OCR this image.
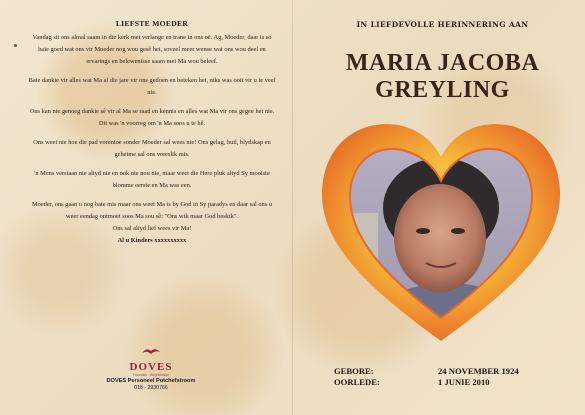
LIEFSTE MOEDER

Vandag sit ons almal saam in die kerk met verlange en trane in ons oë. Ag, Moeder, daar is só baie goed wat ons vir Moeder nog wou gesê het, soveel meer wense wat ons wou deel en ervarings en belewenisse saam met Ma wou beleef.

Baie dankie vir alles wat Ma al die jare vir ons gedoen en beteken het, niks was ooit vir u te veel nie.

Ons kan nie genoeg dankie sê vir al Ma se raad en kennis en alles wat Ma vir ons gegee het nie. Dit was 'n voorreg om 'n Ma soos u te hê.

Ons weet nie hoe die pad vorentoe sonder Moeder sal wees nie! Ons gelag, huil, blydskap en geheime sal ons vreeslik mis.

'n Mens verstaan nie altyd nie en ook nie nou nie, maar weet die Here pluk altyd Sy mooiste blomme eerste en Ma was een.

Moeder, ons gaan u nog baie mis maar ons weet Ma is by God in Sy paradys en daar sal ons u weer eendag ontmoet soos Ma sou sê: "Ons wik maar God beskik".

Ons sal altyd lief wees vir Ma!

Al u Kinders xxxxxxxxxx

DOVES
Funerals · Begrafnisse
DOVES Personeel Potchefstroom
018 - 2930766
IN LIEFDEVOLLE HERINNERING AAN
MARIA JACOBA
GREYLING
GEBORE:	24 NOVEMBER 1924
OORLEDE:	1 JUNIE 2010
